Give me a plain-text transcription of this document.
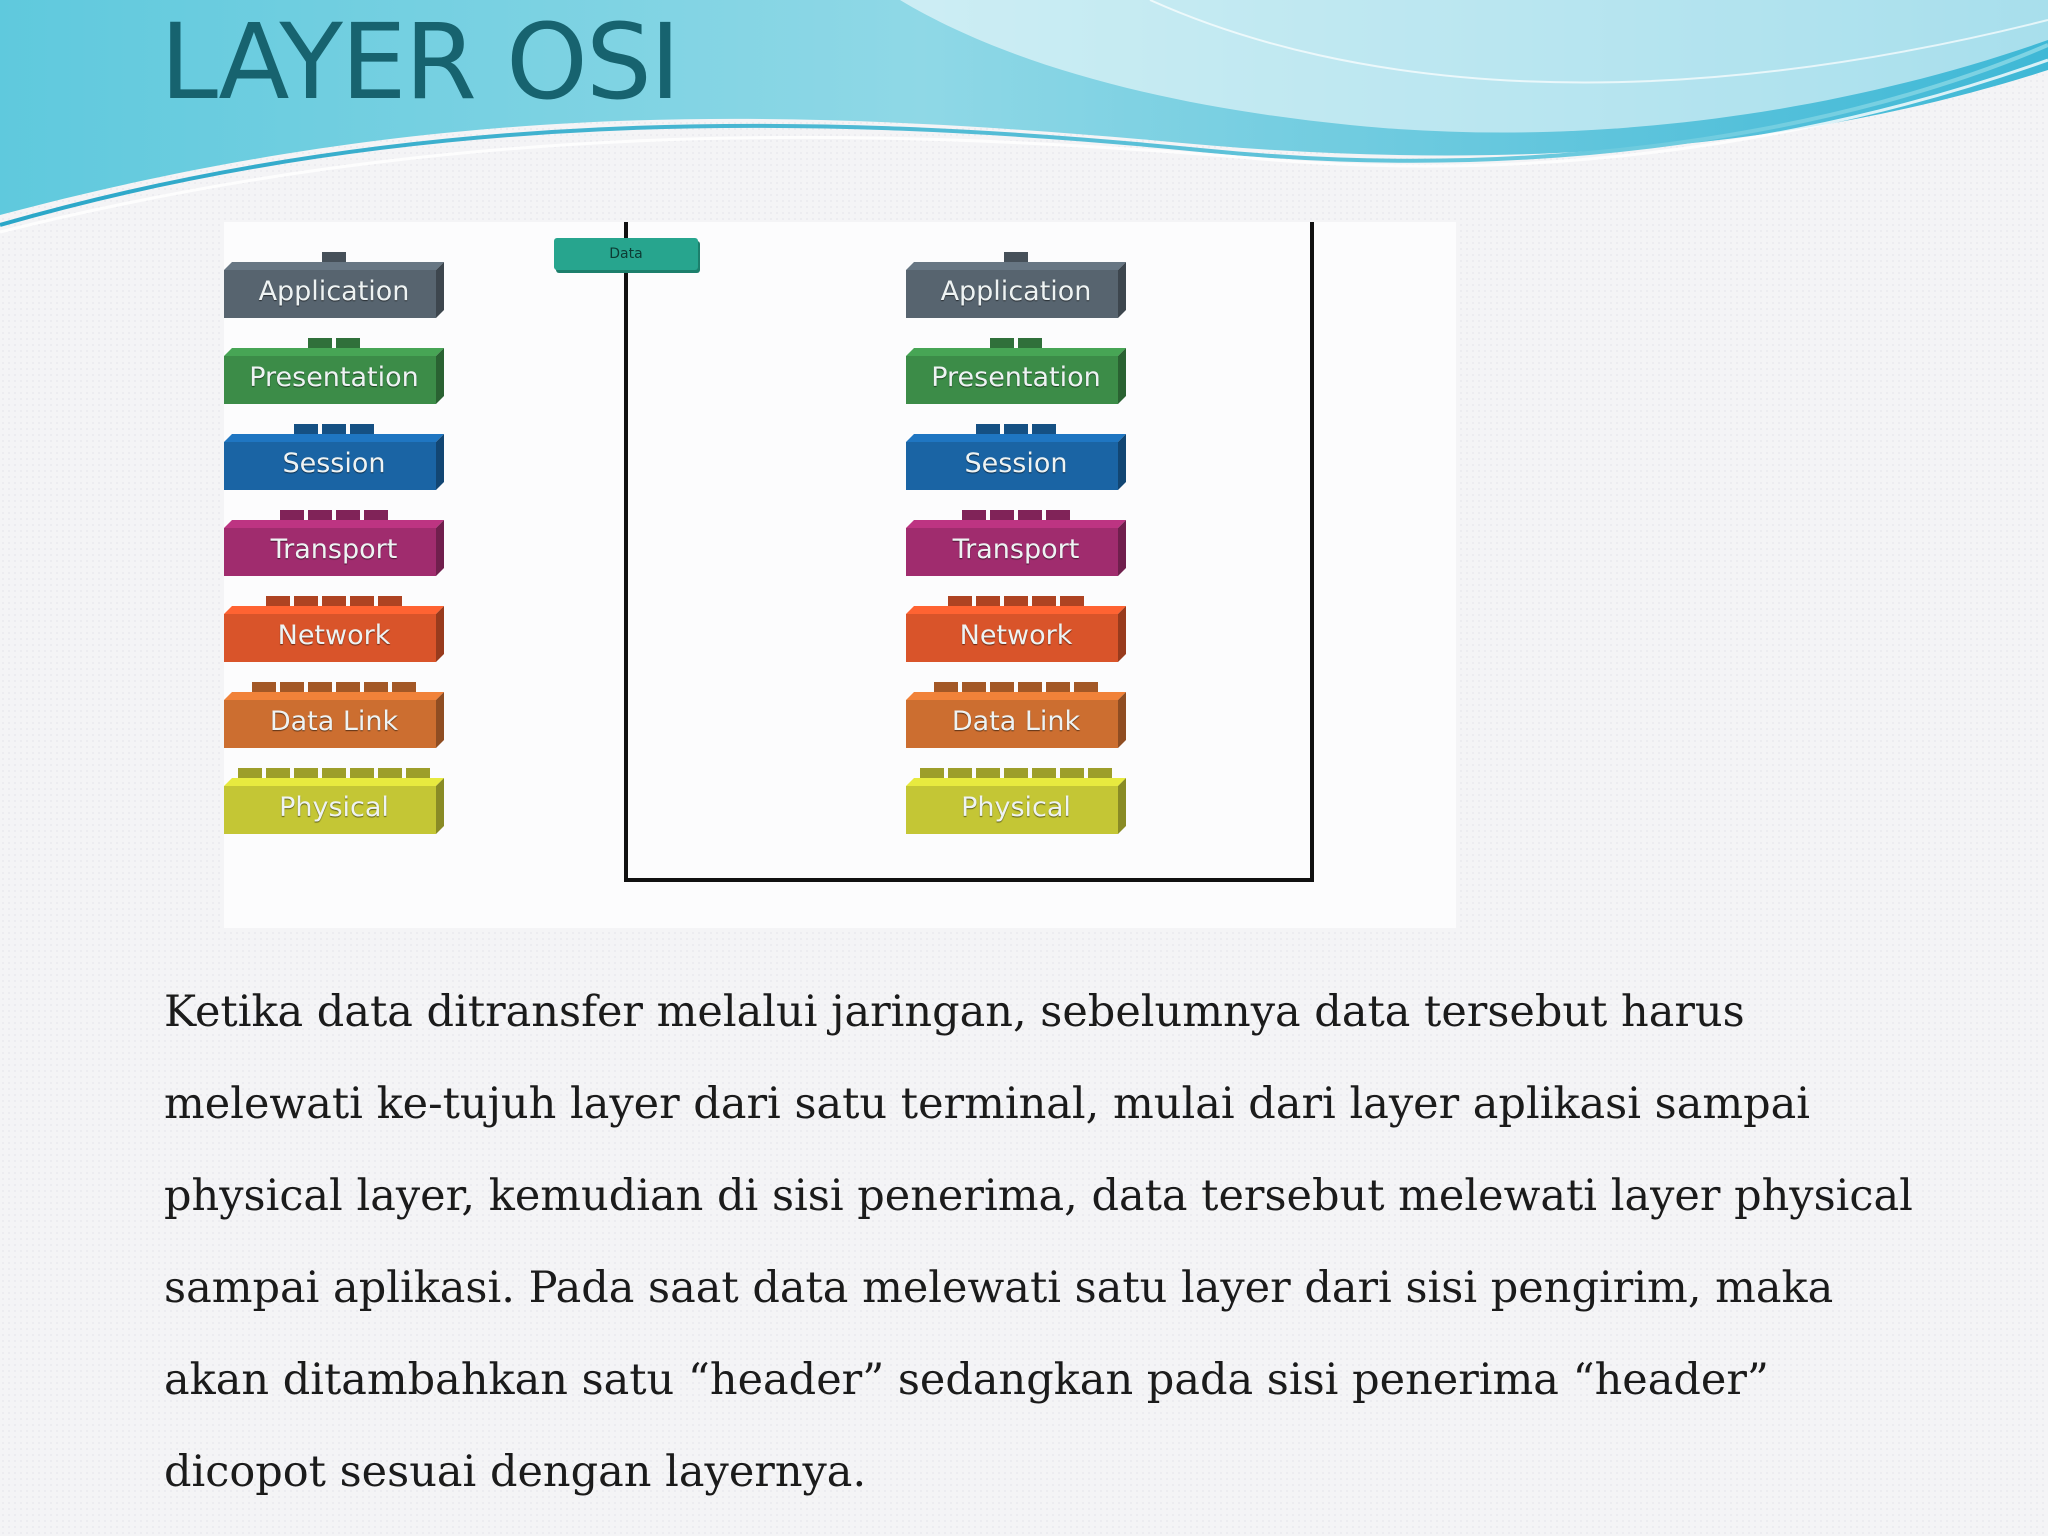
LAYER OSI
Data
Application
Presentation
Session
Transport
Network
Data Link
Physical
Application
Presentation
Session
Transport
Network
Data Link
Physical

Ketika data ditransfer melalui jaringan, sebelumnya data tersebut harus melewati ke-tujuh layer dari satu terminal, mulai dari layer aplikasi sampai physical layer, kemudian di sisi penerima, data tersebut melewati layer physical sampai aplikasi. Pada saat data melewati satu layer dari sisi pengirim, maka akan ditambahkan satu “header” sedangkan pada sisi penerima “header” dicopot sesuai dengan layernya.
